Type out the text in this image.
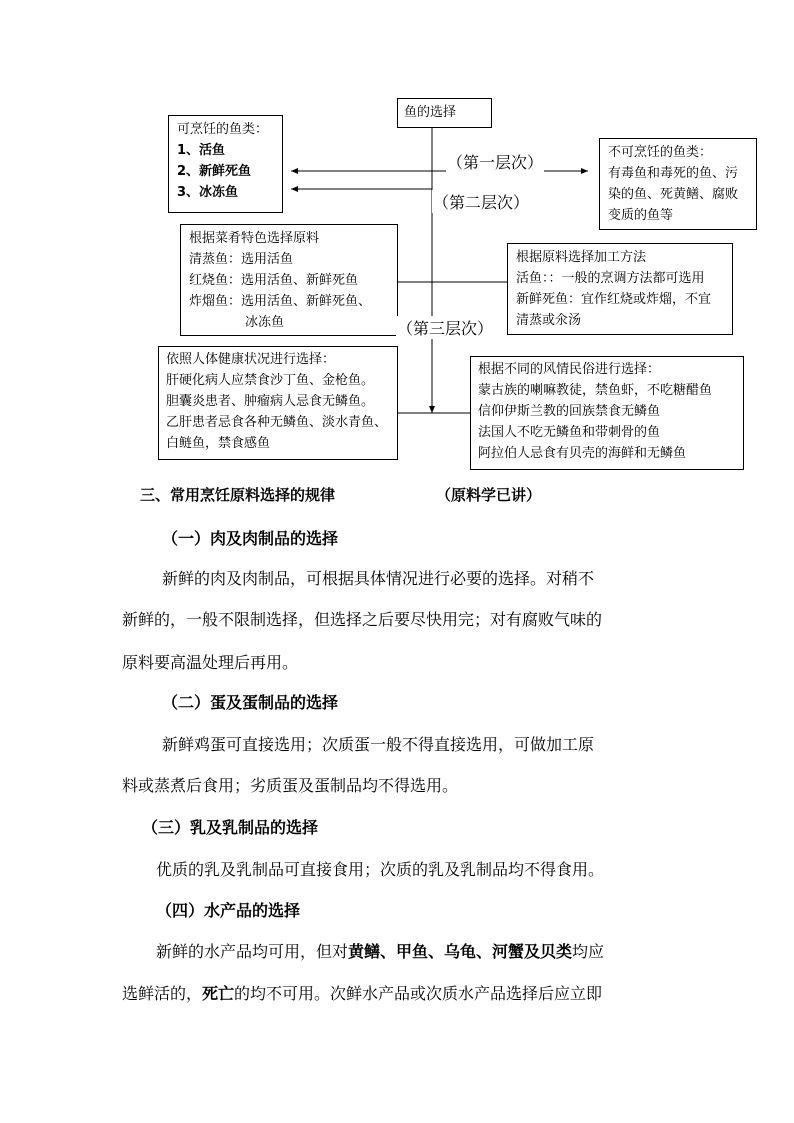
鱼的选择
可烹饪的鱼类：
1、活鱼
2、新鲜死鱼
3、冰冻鱼
不可烹饪的鱼类：
有毒鱼和毒死的鱼、污
染的鱼、死黄鳝、腐败
变质的鱼等
根据菜肴特色选择原料
清蒸鱼：选用活鱼
红烧鱼：选用活鱼、新鲜死鱼
炸熘鱼：选用活鱼、新鲜死鱼、
冰冻鱼
根据原料选择加工方法
活鱼：：一般的烹调方法都可选用
新鲜死鱼：宜作红烧或炸熘，不宜
清蒸或氽汤
依照人体健康状况进行选择：
肝硬化病人应禁食沙丁鱼、金枪鱼。
胆囊炎患者、肿瘤病人忌食无鳞鱼。
乙肝患者忌食各种无鳞鱼、淡水青鱼、
白鲢鱼，禁食感鱼
根据不同的风情民俗进行选择：
蒙古族的喇嘛教徒，禁鱼虾，不吃糖醋鱼
信仰伊斯兰教的回族禁食无鳞鱼
法国人不吃无鳞鱼和带刺骨的鱼
阿拉伯人忌食有贝壳的海鲜和无鳞鱼
（第一层次）
（第二层次）
（第三层次）
三、常用烹饪原料选择的规律	（原料学已讲）
（一）肉及肉制品的选择
新鲜的肉及肉制品，可根据具体情况进行必要的选择。对稍不
新鲜的，一般不限制选择，但选择之后要尽快用完；对有腐败气味的
原料要高温处理后再用。
（二）蛋及蛋制品的选择
新鲜鸡蛋可直接选用；次质蛋一般不得直接选用，可做加工原
料或蒸煮后食用；劣质蛋及蛋制品均不得选用。
（三）乳及乳制品的选择
优质的乳及乳制品可直接食用；次质的乳及乳制品均不得食用。
（四）水产品的选择
新鲜的水产品均可用，但对黄鳝、甲鱼、乌龟、河蟹及贝类均应
选鲜活的，死亡的均不可用。次鲜水产品或次质水产品选择后应立即
